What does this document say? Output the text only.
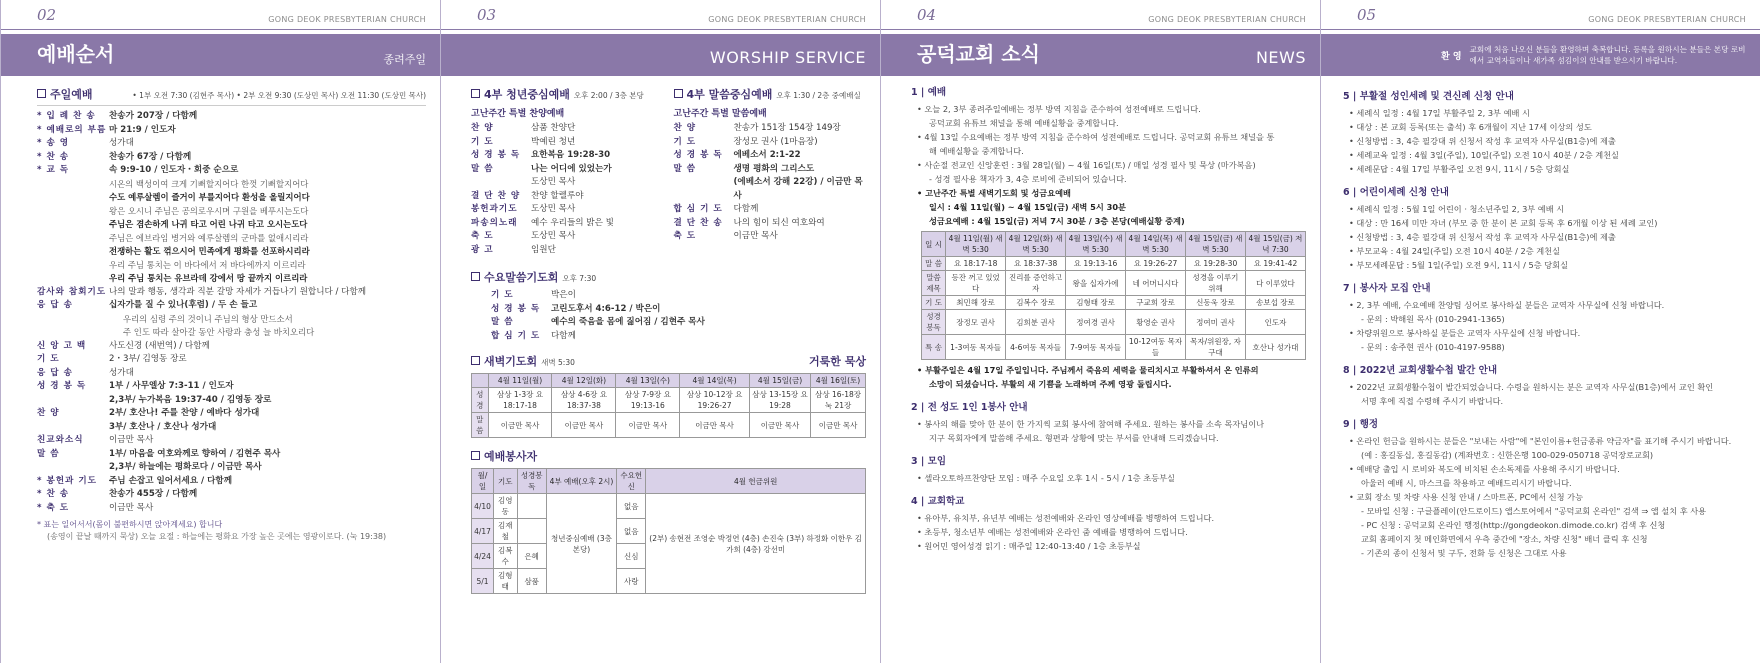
02	GONG DEOK PRESBYTERIAN CHURCH
예배순서	종려주일
주일예배	• 1부 오전 7:30 (김현주 목사) • 2부 오전 9:30 (도상민 목사) 오전 11:30 (도상민 목사)
* 입 례 찬 송	찬송가 207장 / 다함께
* 예배로의 부름 마 21:9 / 인도자
* 송 영	성가대
* 찬 송	찬송가 67장 / 다함께
* 교 독	속 9:9-10 / 인도자・회중 순으로
시온의 백성이여 크게 기뻐할지어다 한껏 기뻐할지어다
수도 예루살렘이 즐거이 부를지어다 환성을 올릴지어다
왕은 오시니 주님은 공의로우시며 구원을 베푸시는도다
주님은 겸손하게 나귀 타고 어린 나귀 타고 오시는도다
주님은 에브라임 병거와 예루살렘의 군마를 없애시리라
전쟁하는 활도 꺾으시어 민족에게 평화를 선포하시리라
우리 주님 통치는 이 바다에서 저 바다에까지 이르리라
우리 주님 통치는 유브라데 강에서 땅 끝까지 이르리라
감사와 참회기도 나의 말과 행동, 생각과 직분 갈망 자세가 거듭나기 원합니다 / 다함께
응 답 송	십자가를 질 수 있나(후렴) / 두 손 들고
우리의 심령 주의 것이니 주님의 형상 만드소서
주 인도 따라 살아갈 동안 사랑과 충성 늘 바치오리다
신 앙 고 백	사도신경 (새번역) / 다함께
기 도	2・3부/ 김영동 장로
응 답 송	성가대
성 경 봉 독	1부 / 사무엘상 7:3-11 / 인도자
2,3부/ 누가복음 19:37-40 / 김영동 장로
찬 양	2부/ 호산나! 주를 찬양 / 예바다 성가대
3부/ 호산나 / 호산나 성가대
친교와소식	이금만 목사
말 씀	1부/ 마음을 여호와께로 향하여 / 김현주 목사
2,3부/ 하늘에는 평화로다 / 이금만 목사
* 봉헌과 기도	주님 손잡고 일어서세요 / 다함께
* 찬 송	찬송가 455장 / 다함께
* 축 도	이금만 목사
* 표는 일어서서(몸이 불편하시면 앉아계세요) 합니다
(송영이 끝날 때까지 묵상) 오늘 요절 : 하늘에는 평화요 가장 높은 곳에는 영광이로다. (눅 19:38)
03	GONG DEOK PRESBYTERIAN CHURCH
WORSHIP SERVICE
4부 청년중심예배 오후 2:00 / 3층 본당
고난주간 특별 찬양예배
찬 양	삼품 찬양단
기 도	박예린 청년
성 경 봉 독	요한복음 19:28-30
말 씀	나는 어디에 있었는가
도상민 목사
결 단 찬 양	찬양 할렐루야
봉헌과기도	도상민 목사
파송의노래	예수 우리들의 밝은 빛
축 도	도상민 목사
광 고	임원단
4부 말씀중심예배 오후 1:30 / 2층 중예배실
고난주간 특별 말씀예배
찬 양	찬송가 151장 154장 149장
기 도	장성모 권사 (1마음장)
성 경 봉 독	에베소서 2:1-22
말 씀	생명 평화의 그리스도
(에베소서 강해 22강) / 이금만 목사
합 심 기 도	다함께
결 단 찬 송	나의 힘이 되신 여호와여
축 도	이금만 목사
수요말씀기도회 오후 7:30
기 도	박은이
성 경 봉 독	고린도후서 4:6-12 / 박은이
말 씀	예수의 죽음을 몸에 짊어짐 / 김현주 목사
합 심 기 도	다함께
새벽기도회 새벽 5:30	거룩한 묵상
	4월 11일(월)	4월 12일(화)	4월 13일(수)	4월 14일(목)	4월 15일(금)	4월 16일(토)
성경	삼상 1-3장 요 18:17-18	삼상 4-6장 요 18:37-38	삼상 7-9장 요 19:13-16	삼상 10-12장 요 19:26-27	삼상 13-15장 요 19:28	삼상 16-18장 눅 21장
말씀	이금만 목사	이금만 목사	이금만 목사	이금만 목사	이금만 목사	이금만 목사
예배봉사자
월/일	기도	성경봉독	4부 예배(오후 2시)	수요헌신	4월 헌금위원
4/10	김영동		청년중심예배 (3층 본당)	없음	(2부) 송현전 조영순 박정연 (4층) 손진숙 (3부) 하정화 이한우 김가희 (4층) 강선미
4/17	김재철			없음	
4/24	김복수	은혜		신심	
5/1	김형태	삼품		사랑	
04	GONG DEOK PRESBYTERIAN CHURCH
공덕교회 소식	NEWS
1 | 예배

• 오늘 2, 3부 종려주일예배는 정부 방역 지침을 준수하여 성전예배로 드립니다.

공덕교회 유튜브 채널을 통해 예배실황을 중계합니다.

• 4월 13일 수요예배는 정부 방역 지침을 준수하여 성전예배로 드립니다. 공덕교회 유튜브 채널을 통

해 예배실황을 중계합니다.

• 사순절 전교인 신앙훈련 : 3월 28일(월) ~ 4월 16일(토) / 매일 성경 필사 및 묵상 (마가복음)

- 성경 필사용 책자가 3, 4층 로비에 준비되어 있습니다.

• 고난주간 특별 새벽기도회 및 성금요예배

일시 : 4월 11일(월) ~ 4월 15일(금) 새벽 5시 30분

성금요예배 : 4월 15일(금) 저녁 7시 30분 / 3층 본당(예배실황 중계)

일 시	4월 11일(월) 새벽 5:30	4월 12일(화) 새벽 5:30	4월 13일(수) 새벽 5:30	4월 14일(목) 새벽 5:30	4월 15일(금) 새벽 5:30	4월 15일(금) 저녁 7:30
말 씀	요 18:17-18	요 18:37-38	요 19:13-16	요 19:26-27	요 19:28-30	요 19:41-42
말씀제목	등잔 꺼고 있었다	진리를 증언하고자	왕을 십자가에	네 어머니시다	성경을 이루기 위해	다 이루었다
기 도	최민해 장로	김복수 장로	김형태 장로	구교희 장로	신동욱 장로	송보섭 장로
성경봉독	장정모 권사	김희분 권사	정여경 권사	황영순 권사	정여미 권사	인도자
특 송	1-3여동 목자들	4-6여동 목자들	7-9여동 목자들	10-12여동 목자들	목자/위원장, 자구대	호산나 성가대

• 부활주일은 4월 17일 주일입니다. 주님께서 죽음의 세력을 물리치시고 부활하셔서 온 인류의

소망이 되셨습니다. 부활의 새 기쁨을 노래하며 주께 영광 돌립시다.

2 | 전 성도 1인 1봉사 안내

• 봉사의 해를 맞아 한 분이 한 가지씩 교회 봉사에 참여해 주세요. 원하는 봉사를 소속 목자님이나

지구 목회자에게 말씀해 주세요. 형편과 상황에 맞는 부서를 안내해 드리겠습니다.

3 | 모임

• 셀라오토하프찬양단 모임 : 매주 수요일 오후 1시 - 5시 / 1층 초등부실

4 | 교회학교

• 유아부, 유치부, 유년부 예배는 성전예배와 온라인 영상예배를 병행하여 드립니다.

• 초등부, 청소년부 예배는 성전예배와 온라인 줌 예배를 병행하여 드립니다.

• 원어민 영어성경 읽기 : 매주일 12:40-13:40 / 1층 초등부실

05	GONG DEOK PRESBYTERIAN CHURCH
환 영
교회에 처음 나오신 분들을 환영하며 축복합니다. 등록을 원하시는 분들은 본당 로비에서 교역자들이나 새가족 섬김이의 안내를 받으시기 바랍니다.
5 | 부활절 성인세례 및 견신례 신청 안내

• 세례식 일정 : 4월 17일 부활주일 2, 3부 예배 시

• 대상 : 본 교회 등록(또는 출석) 후 6개월이 지난 17세 이상의 성도

• 신청방법 : 3, 4층 필강대 위 신청서 작성 후 교역자 사무실(B1층)에 제출

• 세례교육 일정 : 4월 3일(주일), 10일(주일) 오전 10시 40분 / 2층 계천실

• 세례문답 : 4월 17일 부활주일 오전 9시, 11시 / 5층 당회실

6 | 어린이세례 신청 안내

• 세례식 일정 : 5월 1일 어린이 · 청소년주일 2, 3부 예배 시

• 대상 : 만 16세 미만 자녀 (부모 중 한 분이 본 교회 등록 후 6개월 이상 된 세례 교인)

• 신청방법 : 3, 4층 필강대 위 신청서 작성 후 교역자 사무실(B1층)에 제출

• 부모교육 : 4월 24일(주일) 오전 10시 40분 / 2층 계천실

• 부모세례문답 : 5월 1일(주일) 오전 9시, 11시 / 5층 당회실

7 | 봉사자 모집 안내

• 2, 3부 예배, 수요예배 찬양팀 싱어로 봉사하실 분들은 교역자 사무실에 신청 바랍니다.

- 문의 : 박해원 목사 (010-2941-1365)

• 차량위원으로 봉사하실 분들은 교역자 사무실에 신청 바랍니다.

- 문의 : 송주현 권사 (010-4197-9588)

8 | 2022년 교회생활수첩 발간 안내

• 2022년 교회생활수첩이 발간되었습니다. 수령을 원하시는 분은 교역자 사무실(B1층)에서 교인 확인

서명 후에 직접 수령해 주시기 바랍니다.

9 | 행정

• 온라인 헌금을 원하시는 분들은 "보내는 사람"에 "본인이름+헌금종류 약금자"를 표기해 주시기 바랍니다.

(예 : 홍길동십, 홍길동감) (계좌번호 : 신한은행 100-029-050718 공덕장로교회)

• 예배당 출입 시 로비와 복도에 비치된 손소독제를 사용해 주시기 바랍니다.

아울러 예배 시, 마스크를 착용하고 예배드리시기 바랍니다.

• 교회 장소 및 차량 사용 신청 안내 / 스마트폰, PC에서 신청 가능

- 모바일 신청 : 구글플레이(안드로이드) 앱스토어에서 "공덕교회 온라인" 검색 ⇒ 앱 설치 후 사용

- PC 신청 : 공덕교회 온라인 행정(http://gongdeokon.dimode.co.kr) 검색 후 신청

교회 홈페이지 첫 메인화면에서 우측 중간에 "장소, 차량 신청" 배너 클릭 후 신청

- 기존의 종이 신청서 및 구두, 전화 등 신청은 그대로 사용
